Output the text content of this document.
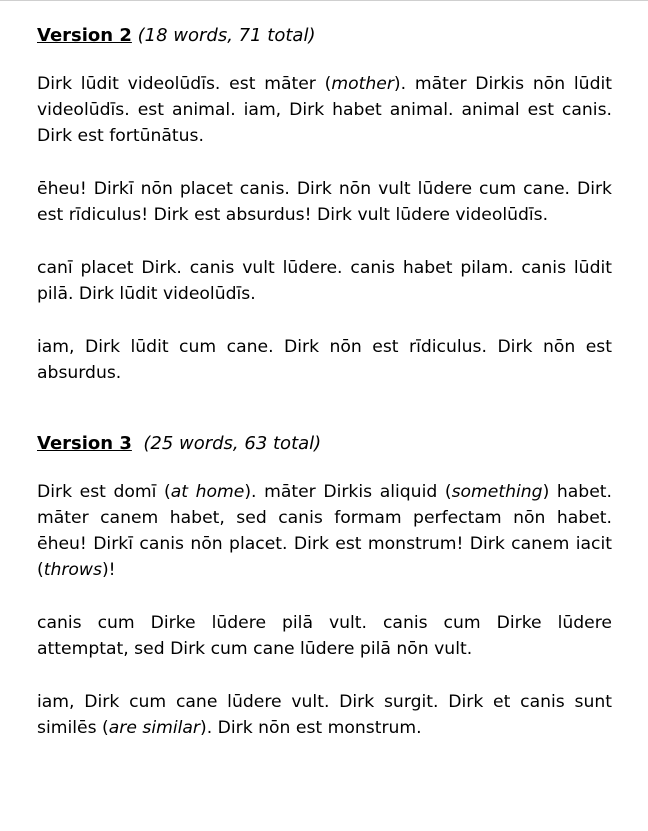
Version 2 (18 words, 71 total)

Dirk lūdit videolūdīs. est māter (mother). māter Dirkis nōn lūdit videolūdīs. est animal. iam, Dirk habet animal. animal est canis. Dirk est fortūnātus.

ēheu! Dirkī nōn placet canis. Dirk nōn vult lūdere cum cane. Dirk est rīdiculus! Dirk est absurdus! Dirk vult lūdere videolūdīs.

canī placet Dirk. canis vult lūdere. canis habet pilam. canis lūdit pilā. Dirk lūdit videolūdīs.

iam, Dirk lūdit cum cane. Dirk nōn est rīdiculus. Dirk nōn est absurdus.

Version 3 (25 words, 63 total)

Dirk est domī (at home). māter Dirkis aliquid (something) habet. māter canem habet, sed canis formam perfectam nōn habet. ēheu! Dirkī canis nōn placet. Dirk est monstrum! Dirk canem iacit (throws)!

canis cum Dirke lūdere pilā vult. canis cum Dirke lūdere attemptat, sed Dirk cum cane lūdere pilā nōn vult.

iam, Dirk cum cane lūdere vult. Dirk surgit. Dirk et canis sunt similēs (are similar). Dirk nōn est monstrum.
